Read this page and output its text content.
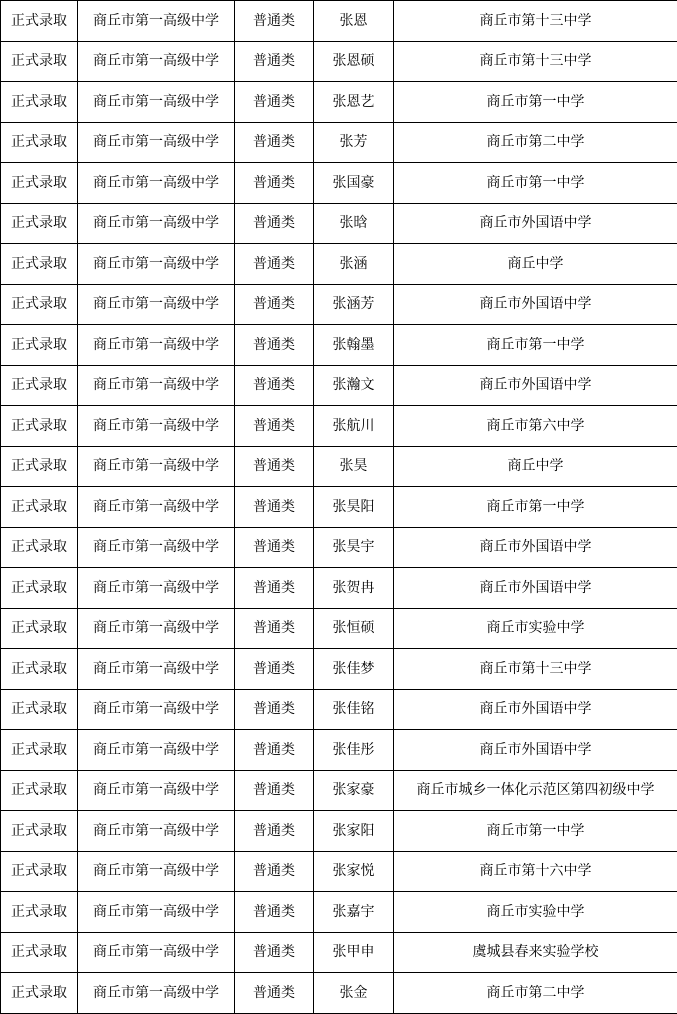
正式录取	商丘市第一高级中学	普通类	张恩	商丘市第十三中学
正式录取	商丘市第一高级中学	普通类	张恩硕	商丘市第十三中学
正式录取	商丘市第一高级中学	普通类	张恩艺	商丘市第一中学
正式录取	商丘市第一高级中学	普通类	张芳	商丘市第二中学
正式录取	商丘市第一高级中学	普通类	张国豪	商丘市第一中学
正式录取	商丘市第一高级中学	普通类	张晗	商丘市外国语中学
正式录取	商丘市第一高级中学	普通类	张涵	商丘中学
正式录取	商丘市第一高级中学	普通类	张涵芳	商丘市外国语中学
正式录取	商丘市第一高级中学	普通类	张翰墨	商丘市第一中学
正式录取	商丘市第一高级中学	普通类	张瀚文	商丘市外国语中学
正式录取	商丘市第一高级中学	普通类	张航川	商丘市第六中学
正式录取	商丘市第一高级中学	普通类	张昊	商丘中学
正式录取	商丘市第一高级中学	普通类	张昊阳	商丘市第一中学
正式录取	商丘市第一高级中学	普通类	张昊宇	商丘市外国语中学
正式录取	商丘市第一高级中学	普通类	张贺冉	商丘市外国语中学
正式录取	商丘市第一高级中学	普通类	张恒硕	商丘市实验中学
正式录取	商丘市第一高级中学	普通类	张佳梦	商丘市第十三中学
正式录取	商丘市第一高级中学	普通类	张佳铭	商丘市外国语中学
正式录取	商丘市第一高级中学	普通类	张佳彤	商丘市外国语中学
正式录取	商丘市第一高级中学	普通类	张家豪	商丘市城乡一体化示范区第四初级中学
正式录取	商丘市第一高级中学	普通类	张家阳	商丘市第一中学
正式录取	商丘市第一高级中学	普通类	张家悦	商丘市第十六中学
正式录取	商丘市第一高级中学	普通类	张嘉宇	商丘市实验中学
正式录取	商丘市第一高级中学	普通类	张甲申	虞城县春来实验学校
正式录取	商丘市第一高级中学	普通类	张金	商丘市第二中学
